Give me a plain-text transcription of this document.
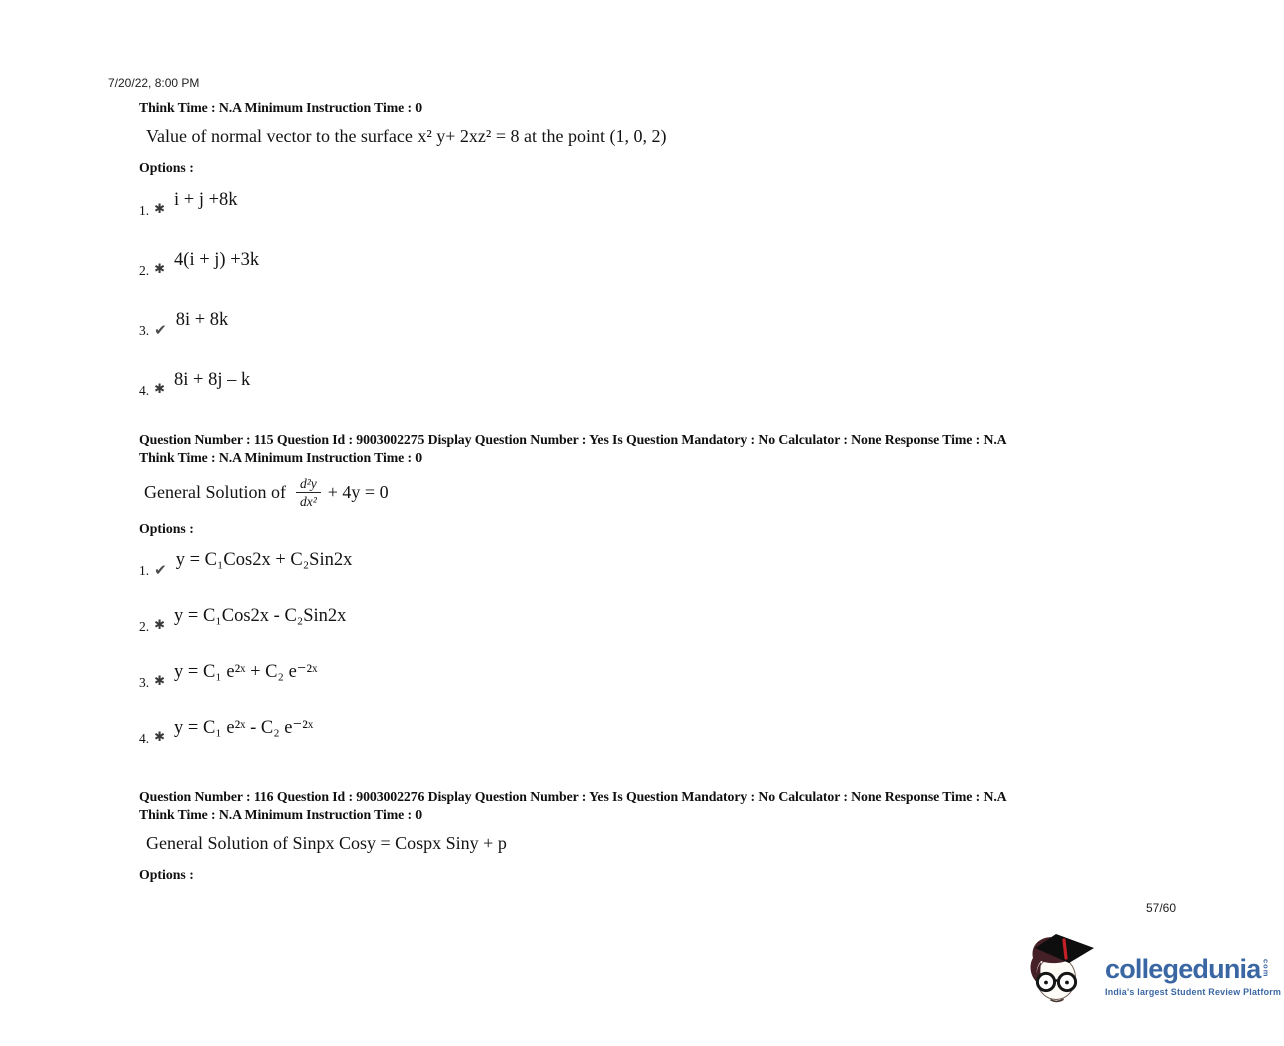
7/20/22, 8:00 PM
Think Time : N.A Minimum Instruction Time : 0
Value of normal vector to the surface x² y+ 2xz² = 8 at the point (1, 0, 2)
Options :
1. ✱ i + j +8k
2. ✱ 4(i + j) +3k
3. ✔ 8i + 8k
4. ✱ 8i + 8j – k
Question Number : 115 Question Id : 9003002275 Display Question Number : Yes Is Question Mandatory : No Calculator : None Response Time : N.A
Think Time : N.A Minimum Instruction Time : 0
General Solution of $\frac{\text{d²y}}{\text{dx²}} + 4y = 0$
Options :
1. ✔ y = C₁Cos2x + C₂Sin2x
2. ✱ y = C₁Cos2x - C₂Sin2x
3. ✱ y = C₁ e²ˣ + C₂ e⁻²ˣ
4. ✱ y = C₁ e²ˣ - C₂ e⁻²ˣ
Question Number : 116 Question Id : 9003002276 Display Question Number : Yes Is Question Mandatory : No Calculator : None Response Time : N.A
Think Time : N.A Minimum Instruction Time : 0
General Solution of Sinpx Cosy = Cospx Siny + p
Options :
57/60
collegedunia com
India's largest Student Review Platform
